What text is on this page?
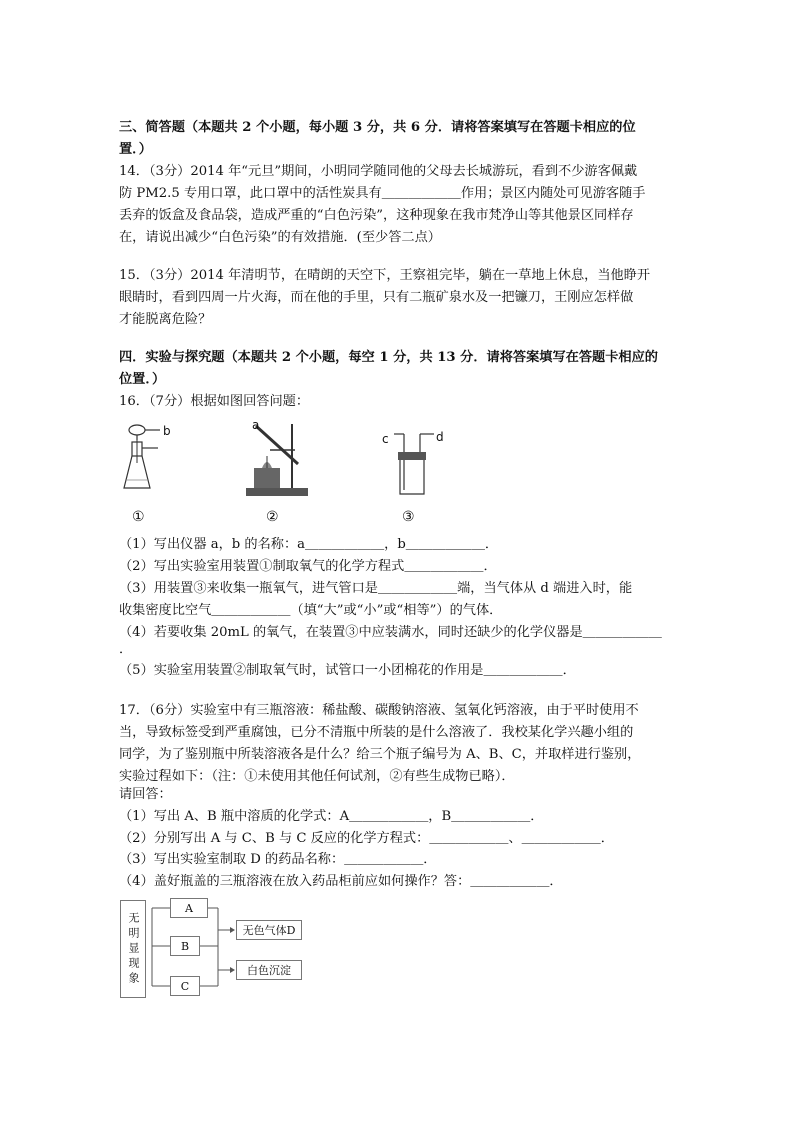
三、简答题（本题共 2 个小题，每小题 3 分，共 6 分．请将答案填写在答题卡相应的位
置．）
14．（3分）2014 年“元旦”期间，小明同学随同他的父母去长城游玩，看到不少游客佩戴
防 PM2.5 专用口罩，此口罩中的活性炭具有＿＿＿＿＿＿作用；景区内随处可见游客随手
丢弃的饭盒及食品袋，造成严重的“白色污染”，这种现象在我市梵净山等其他景区同样存
在，请说出减少“白色污染”的有效措施．(至少答二点）
15．（3分）2014 年清明节，在晴朗的天空下，王察祖完毕，躺在一草地上休息，当他睁开
眼睛时，看到四周一片火海，而在他的手里，只有二瓶矿泉水及一把镰刀，王刚应怎样做
才能脱离危险？
四．实验与探究题（本题共 2 个小题，每空 1 分，共 13 分．请将答案填写在答题卡相应的
位置．）
16．（7分）根据如图回答问题：
b	a
c	d
①	②	③
（1）写出仪器 a，b 的名称：a＿＿＿＿＿＿，b＿＿＿＿＿＿．
（2）写出实验室用装置①制取氧气的化学方程式＿＿＿＿＿＿．
（3）用装置③来收集一瓶氧气，进气管口是＿＿＿＿＿＿端，当气体从 d 端进入时，能
收集密度比空气＿＿＿＿＿＿（填“大”或“小”或“相等”）的气体．
（4）若要收集 20mL 的氧气，在装置③中应装满水，同时还缺少的化学仪器是＿＿＿＿＿＿
．
（5）实验室用装置②制取氧气时，试管口一小团棉花的作用是＿＿＿＿＿＿．
17．（6分）实验室中有三瓶溶液：稀盐酸、碳酸钠溶液、氢氧化钙溶液，由于平时使用不
当，导致标签受到严重腐蚀，已分不清瓶中所装的是什么溶液了．我校某化学兴趣小组的
同学，为了鉴别瓶中所装溶液各是什么？给三个瓶子编号为 A、B、C，并取样进行鉴别，
实验过程如下：（注：①未使用其他任何试剂，②有些生成物已略）．
请回答：
（1）写出 A、B 瓶中溶质的化学式：A＿＿＿＿＿＿，B＿＿＿＿＿＿．
（2）分别写出 A 与 C、B 与 C 反应的化学方程式：＿＿＿＿＿＿、＿＿＿＿＿＿．
（3）写出实验室制取 D 的药品名称：＿＿＿＿＿＿．
（4）盖好瓶盖的三瓶溶液在放入药品柜前应如何操作？答：＿＿＿＿＿＿．
无明显现象
A
B
C
无色气体D
白色沉淀
